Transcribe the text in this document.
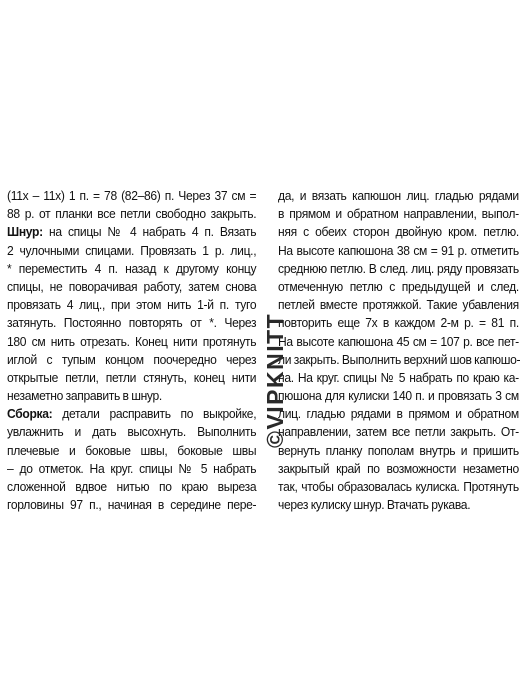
(11х – 11х) 1 п. = 78 (82–86) п. Через 37 см =
88 р. от планки все петли свободно закрыть.
Шнур: на спицы № 4 набрать 4 п. Вязать
2 чулочными спицами. Провязать 1 р. лиц.,
* переместить 4 п. назад к другому концу
спицы, не поворачивая работу, затем снова
провязать 4 лиц., при этом нить 1-й п. туго
затянуть. Постоянно повторять от *. Через
180 см нить отрезать. Конец нити протянуть
иглой с тупым концом поочередно через
открытые петли, петли стянуть, конец нити
незаметно заправить в шнур.
Сборка: детали расправить по выкройке,
увлажнить и дать высохнуть. Выполнить
плечевые и боковые швы, боковые швы
– до отметок. На круг. спицы № 5 набрать
сложенной вдвое нитью по краю выреза
горловины 97 п., начиная в середине пере-
да, и вязать капюшон лиц. гладью рядами
в прямом и обратном направлении, выпол-
няя с обеих сторон двойную кром. петлю.
На высоте капюшона 38 см = 91 р. отметить
среднюю петлю. В след. лиц. ряду провязать
отмеченную петлю с предыдущей и след.
петлей вместе протяжкой. Такие убавления
повторить еще 7х в каждом 2-м р. = 81 п.
На высоте капюшона 45 см = 107 р. все пет-
ли закрыть. Выполнить верхний шов капюшо-
на. На круг. спицы № 5 набрать по краю ка-
пюшона для кулиски 140 п. и провязать 3 см
лиц. гладью рядами в прямом и обратном
направлении, затем все петли закрыть. От-
вернуть планку пополам внутрь и пришить
закрытый край по возможности незаметно
так, чтобы образовалась кулиска. Протянуть
через кулиску шнур. Втачать рукава.
©VIPKNITT
